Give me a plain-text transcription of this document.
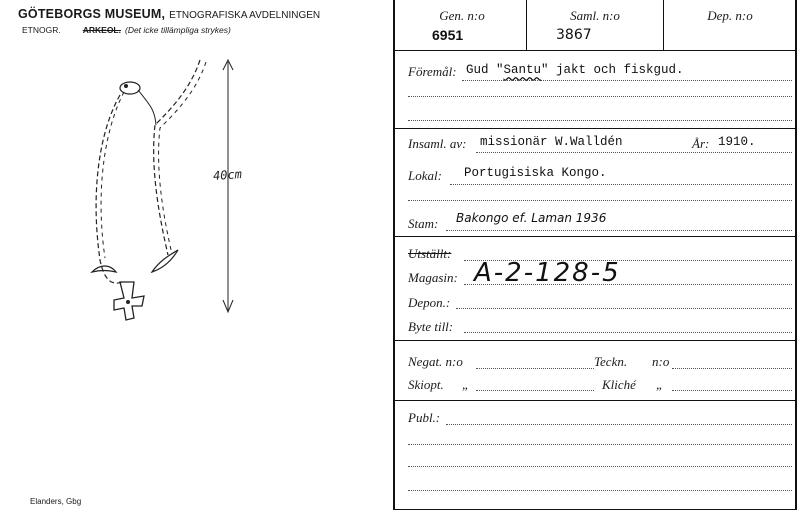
GÖTEBORGS MUSEUM, ETNOGRAFISKA AVDELNINGEN
ETNOGR.	ARKEOL. (Det icke tillämpliga strykes)
40cm
Elanders, Gbg
Gen. n:o
6951
Saml. n:o
3867
Dep. n:o
Föremål: Gud "Santu" jakt och fiskgud.
Insaml. av: missionär W.Walldén	År: 1910.
Lokal: Portugisiska Kongo.
Stam: Bakongo ef. Laman 1936
Utställt:
Magasin: A-2-128-5
Depon.:
Byte till:
Negat. n:o	Teckn. n:o
Skiopt. „	Kliché „
Publ.:
